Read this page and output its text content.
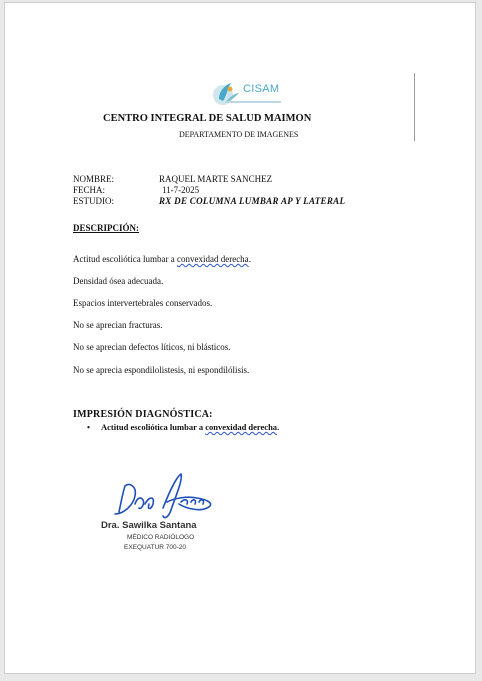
CISAM
CENTRO INTEGRAL DE SALUD MAIMON
DEPARTAMENTO DE IMAGENES
NOMBRE:	RAQUEL MARTE SANCHEZ
FECHA:	11-7-2025
ESTUDIO:	RX DE COLUMNA LUMBAR AP Y LATERAL
DESCRIPCIÓN:
Actitud escoliótica lumbar a convexidad derecha.
Densidad ósea adecuada.
Espacios intervertebrales conservados.
No se aprecian fracturas.
No se aprecian defectos líticos, ni blásticos.
No se aprecia espondilolistesis, ni espondilólisis.
IMPRESIÓN DIAGNÓSTICA:
• Actitud escoliótica lumbar a convexidad derecha.
Dra. Sawilka Santana
MÉDICO RADIÓLOGO
EXEQUATUR 700-20
